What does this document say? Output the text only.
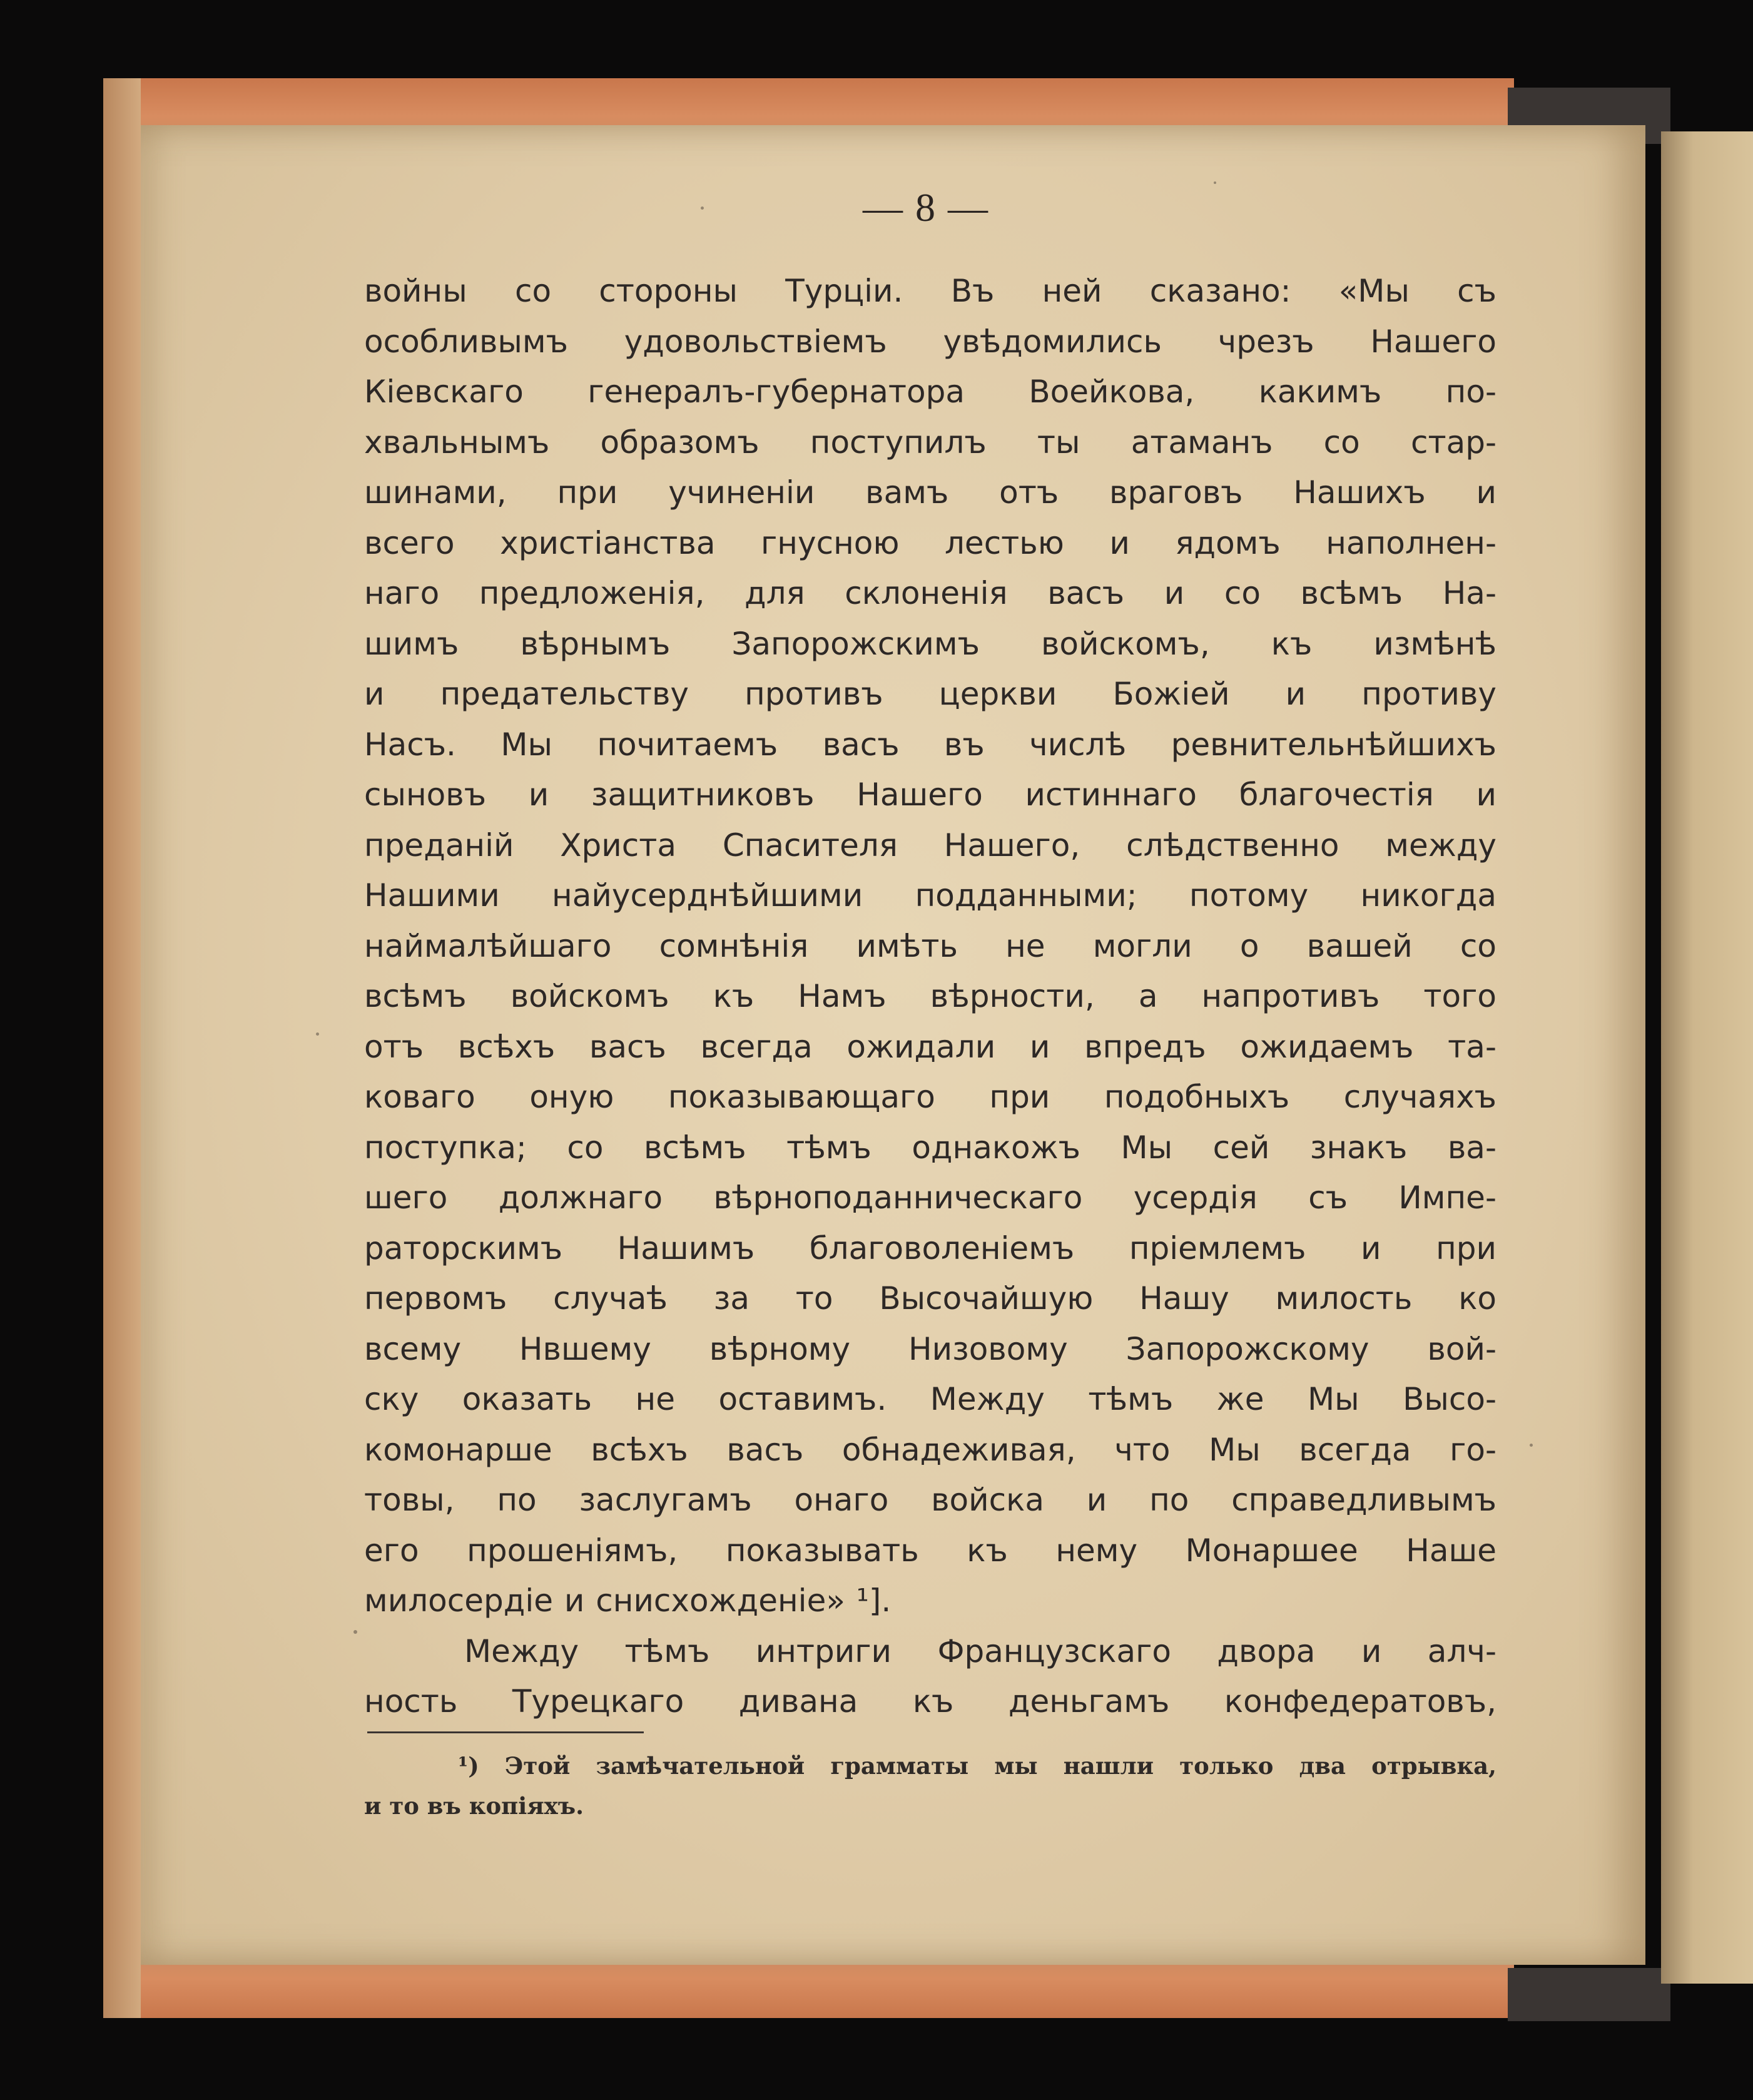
— 8 —
войны со стороны Турціи. Въ ней сказано: «Мы съ
особливымъ удовольствіемъ увѣдомились чрезъ Нашего
Кіевскаго генералъ-губернатора Воейкова, какимъ по-
хвальнымъ образомъ поступилъ ты атаманъ со стар-
шинами, при учиненіи вамъ отъ враговъ Нашихъ и
всего христіанства гнусною лестью и ядомъ наполнен-
наго предложенія, для склоненія васъ и со всѣмъ На-
шимъ вѣрнымъ Запорожскимъ войскомъ, къ измѣнѣ
и предательству противъ церкви Божіей и противу
Насъ. Мы почитаемъ васъ въ числѣ ревнительнѣйшихъ
сыновъ и защитниковъ Нашего истиннаго благочестія и
преданій Христа Спасителя Нашего, слѣдственно между
Нашими найусерднѣйшими подданными; потому никогда
наймалѣйшаго сомнѣнія имѣть не могли о вашей со
всѣмъ войскомъ къ Намъ вѣрности, а напротивъ того
отъ всѣхъ васъ всегда ожидали и впредъ ожидаемъ та-
коваго оную показывающаго при подобныхъ случаяхъ
поступка; со всѣмъ тѣмъ однакожъ Мы сей знакъ ва-
шего должнаго вѣрноподанническаго усердія съ Импе-
раторскимъ Нашимъ благоволеніемъ пріемлемъ и при
первомъ случаѣ за то Высочайшую Нашу милость ко
всему Нвшему вѣрному Низовому Запорожскому вой-
ску оказать не оставимъ. Между тѣмъ же Мы Высо-
комонарше всѣхъ васъ обнадеживая, что Мы всегда го-
товы, по заслугамъ онаго войска и по справедливымъ
его прошеніямъ, показывать къ нему Монаршее Наше
милосердіе и снисхожденіе» ¹].
Между тѣмъ интриги Французскаго двора и алч-
ность Турецкаго дивана къ деньгамъ конфедератовъ,
¹) Этой замѣчательной грамматы мы нашли только два отрывка,
и то въ копіяхъ.
